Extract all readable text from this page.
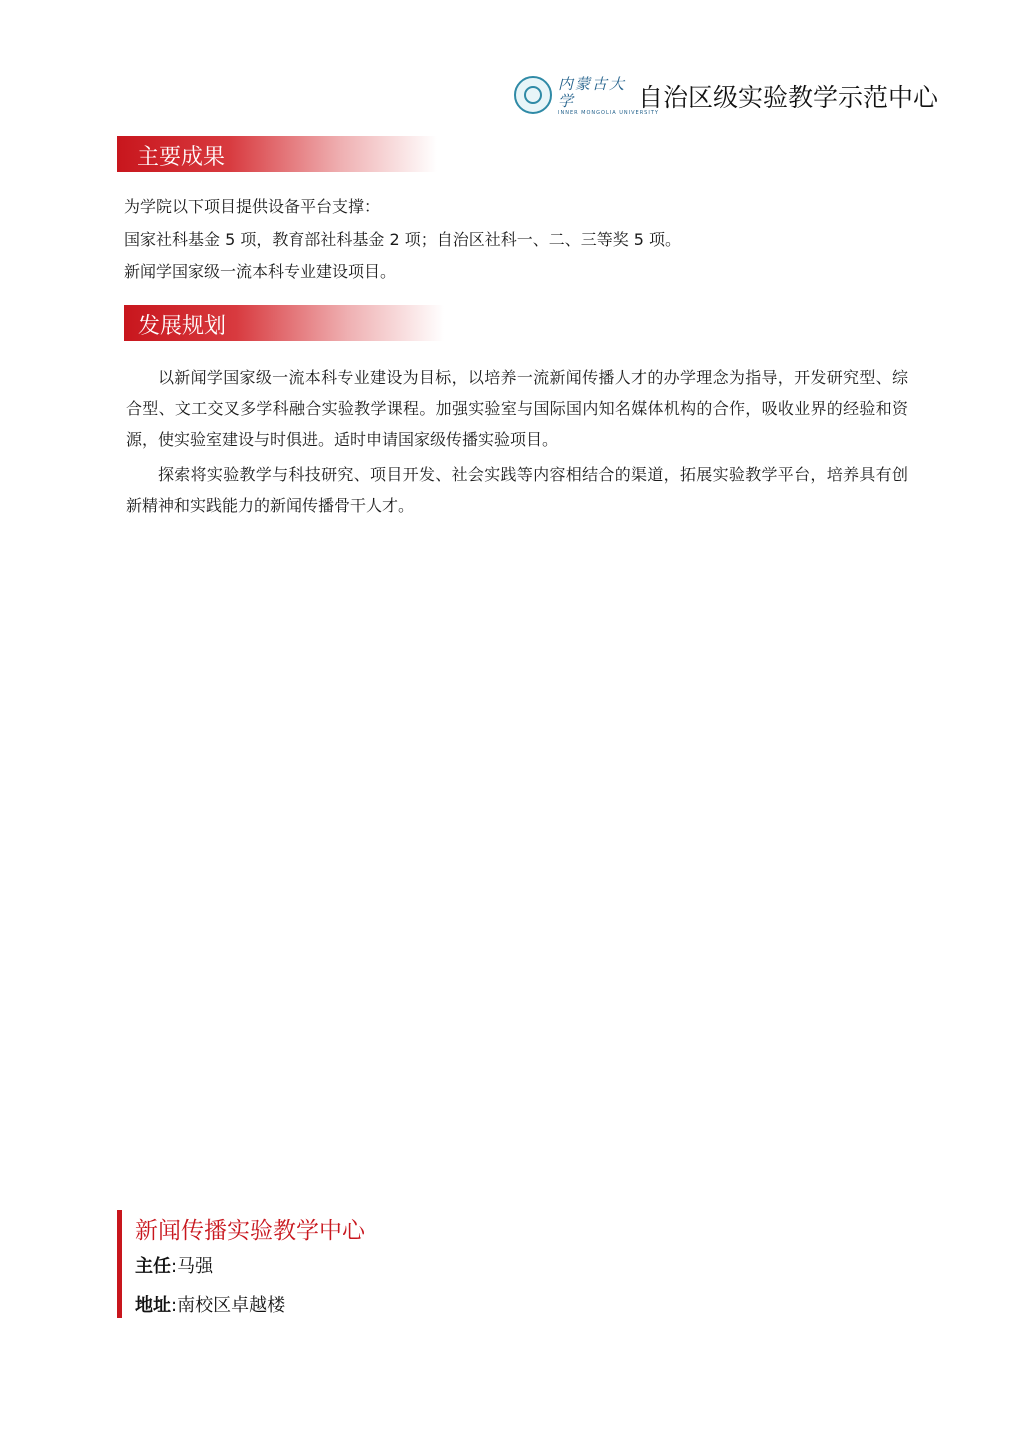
内蒙古大学
INNER MONGOLIA UNIVERSITY
自治区级实验教学示范中心
主要成果
为学院以下项目提供设备平台支撑：
国家社科基金 5 项，教育部社科基金 2 项；自治区社科一、二、三等奖 5 项。
新闻学国家级一流本科专业建设项目。
发展规划

以新闻学国家级一流本科专业建设为目标，以培养一流新闻传播人才的办学理念为指导，开发研究型、综合型、文工交叉多学科融合实验教学课程。加强实验室与国际国内知名媒体机构的合作，吸收业界的经验和资源，使实验室建设与时俱进。适时申请国家级传播实验项目。

探索将实验教学与科技研究、项目开发、社会实践等内容相结合的渠道，拓展实验教学平台，培养具有创新精神和实践能力的新闻传播骨干人才。

新闻传播实验教学中心
主任:马强
地址:南校区卓越楼
